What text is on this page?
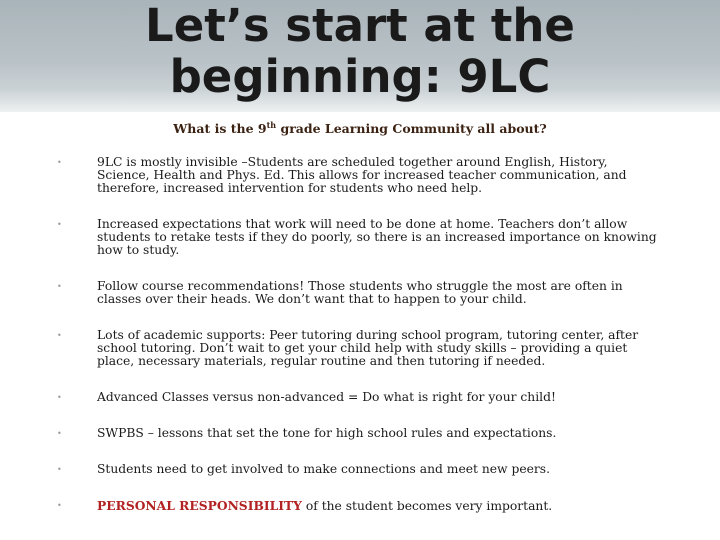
Let’s start at the
beginning: 9LC
What is the 9th grade Learning Community all about?
•	9LC is mostly invisible –Students are scheduled together around English, History, Science, Health and Phys. Ed. This allows for increased teacher communication, and therefore, increased intervention for students who need help.
•	Increased expectations that work will need to be done at home. Teachers don’t allow students to retake tests if they do poorly, so there is an increased importance on knowing how to study.
•	Follow course recommendations! Those students who struggle the most are often in classes over their heads. We don’t want that to happen to your child.
•	Lots of academic supports: Peer tutoring during school program, tutoring center, after school tutoring. Don’t wait to get your child help with study skills – providing a quiet place, necessary materials, regular routine and then tutoring if needed.
•	Advanced Classes versus non-advanced = Do what is right for your child!
•	SWPBS – lessons that set the tone for high school rules and expectations.
•	Students need to get involved to make connections and meet new peers.
•	PERSONAL RESPONSIBILITY of the student becomes very important.
